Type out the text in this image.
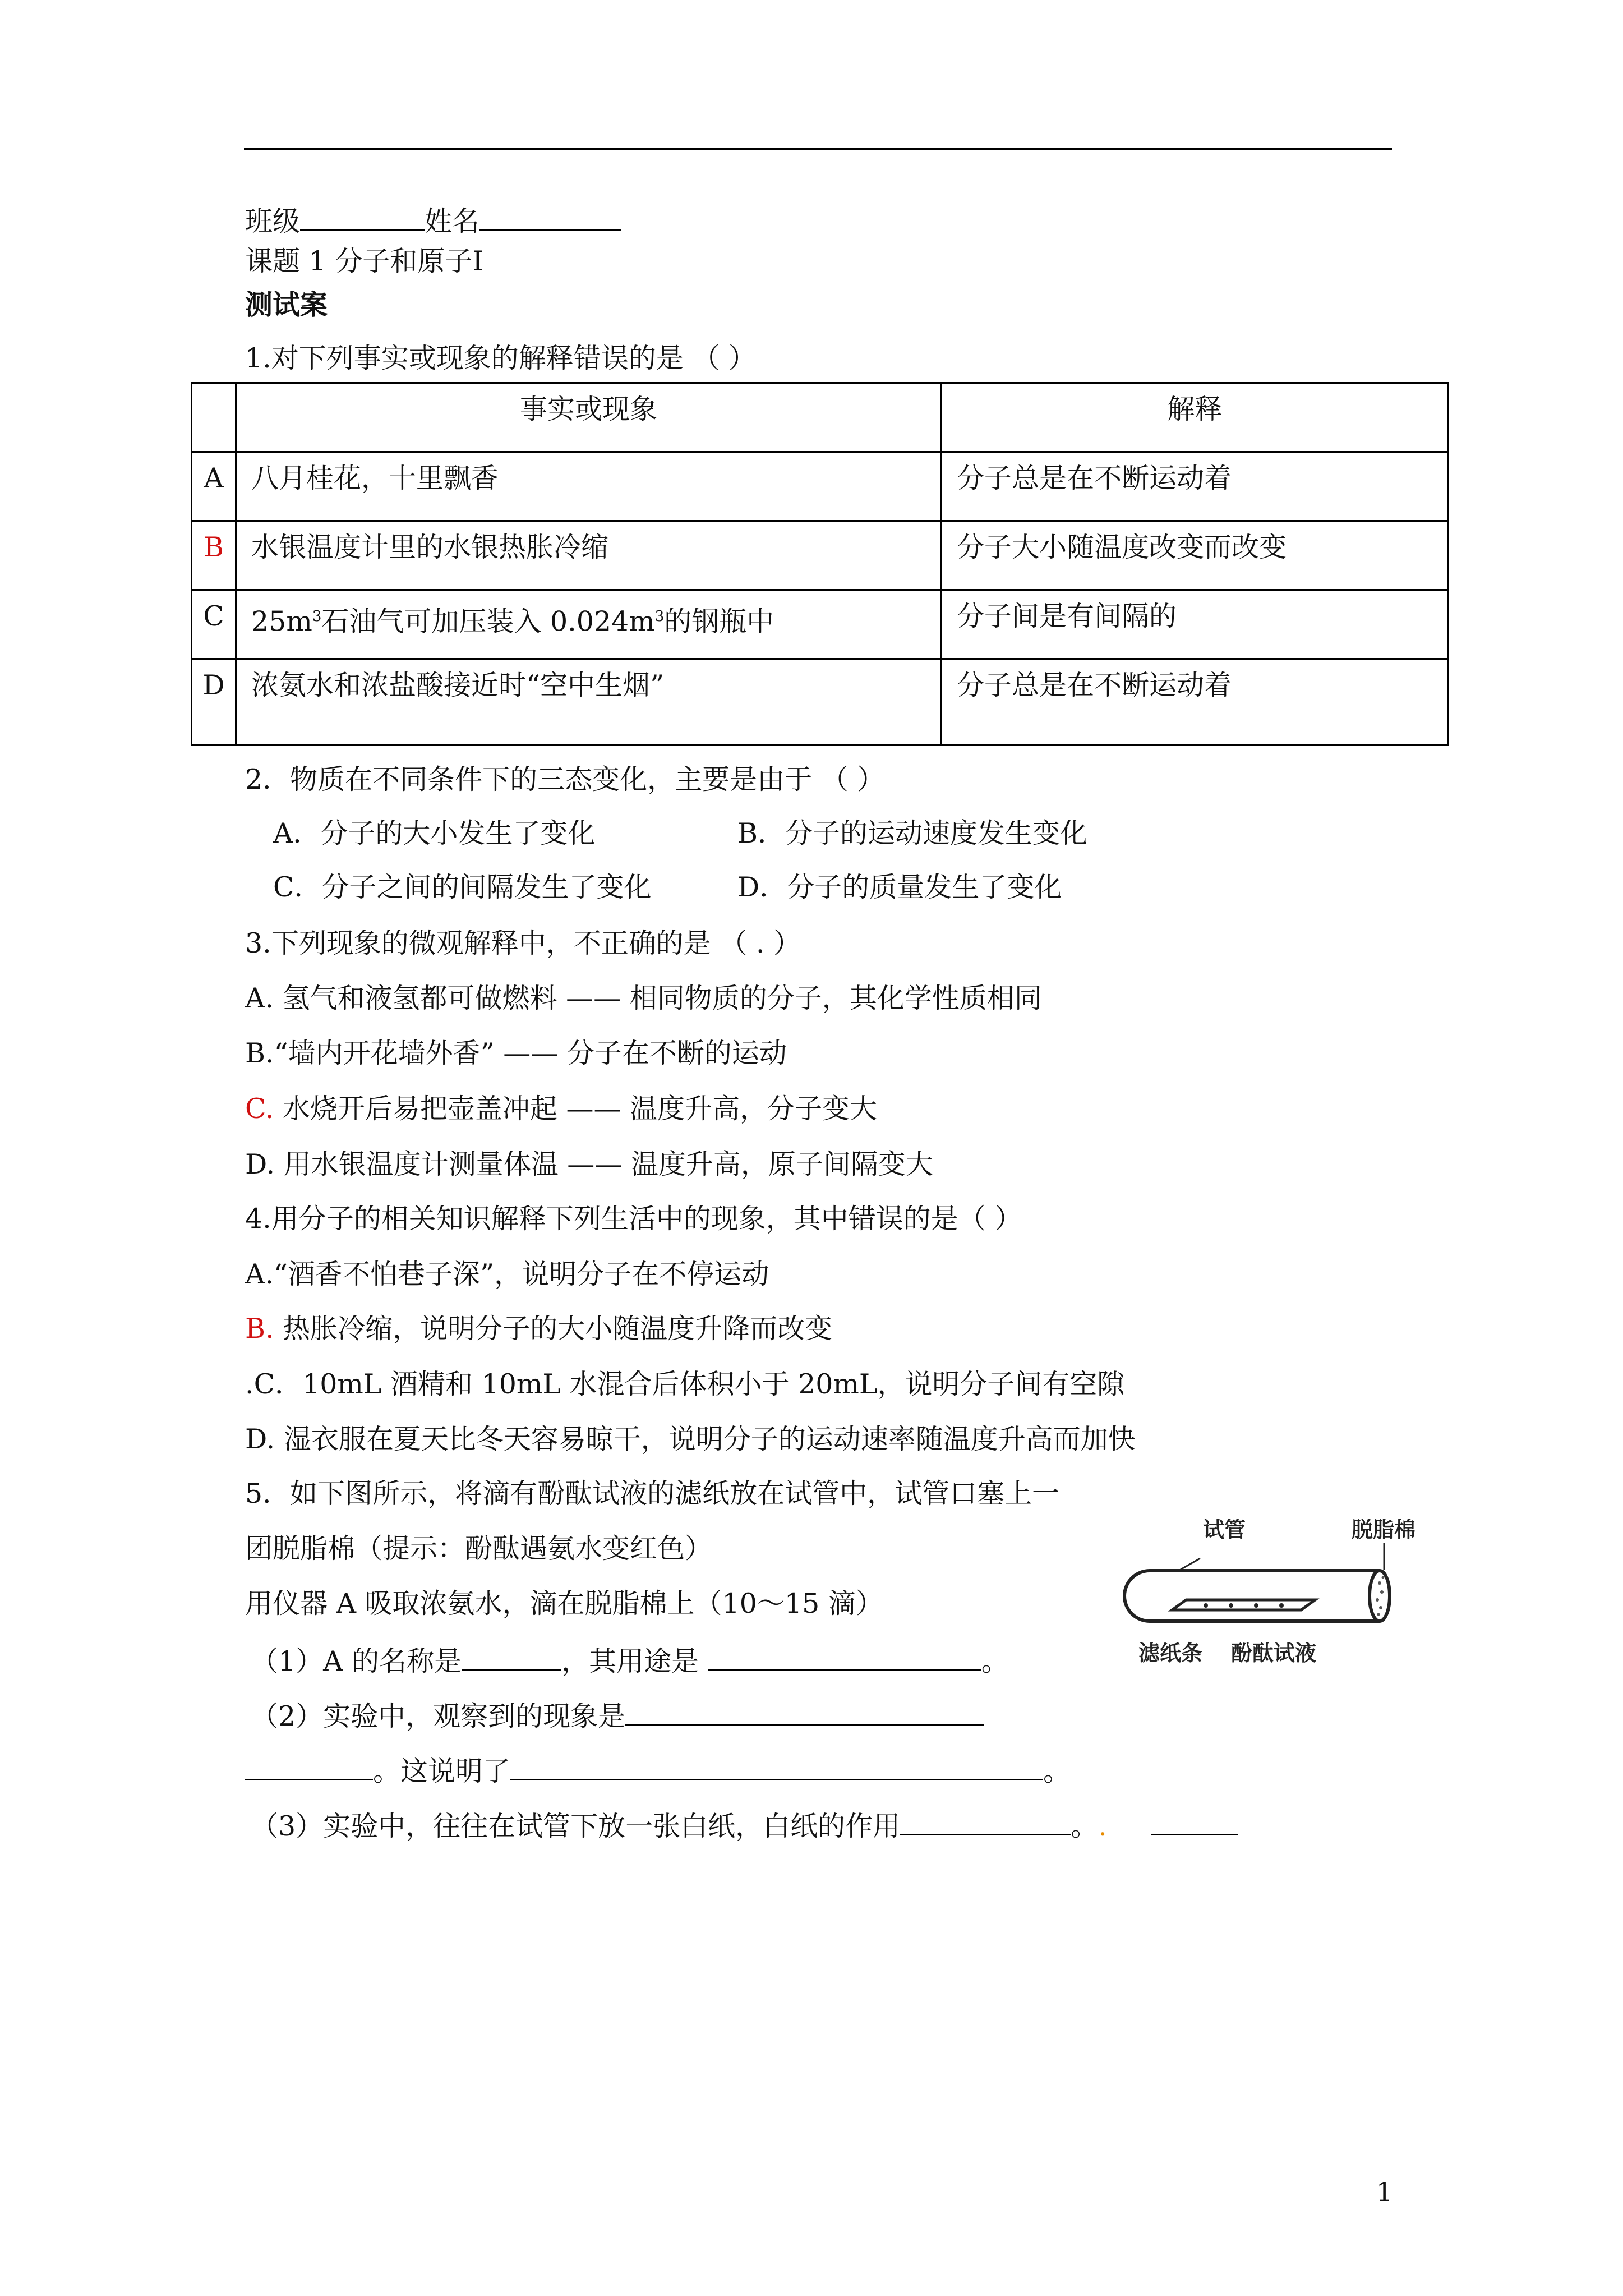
班级	姓名
课题 1 分子和原子Ⅰ
测试案
1.对下列事实或现象的解释错误的是 （ ）
	事实或现象	解释
A	八月桂花，十里飘香	分子总是在不断运动着
B	水银温度计里的水银热胀冷缩	分子大小随温度改变而改变
C	$25m^3$石油气可加压装入 $0.024m^3$的钢瓶中	分子间是有间隔的
D	浓氨水和浓盐酸接近时“空中生烟”	分子总是在不断运动着
2．物质在不同条件下的三态变化，主要是由于 （ ）
A．分子的大小发生了变化	B．分子的运动速度发生变化
C．分子之间的间隔发生了变化	D．分子的质量发生了变化
3.下列现象的微观解释中，不正确的是 （ . ）
A. 氢气和液氢都可做燃料 —— 相同物质的分子，其化学性质相同
B.“墙内开花墙外香” —— 分子在不断的运动
C. 水烧开后易把壶盖冲起 —— 温度升高，分子变大
D. 用水银温度计测量体温 —— 温度升高，原子间隔变大
4.用分子的相关知识解释下列生活中的现象，其中错误的是（ ）
A.“酒香不怕巷子深”，说明分子在不停运动
B. 热胀冷缩，说明分子的大小随温度升降而改变
.C．10mL 酒精和 10mL 水混合后体积小于 20mL，说明分子间有空隙
D. 湿衣服在夏天比冬天容易晾干，说明分子的运动速率随温度升高而加快
5．如下图所示，将滴有酚酞试液的滤纸放在试管中，试管口塞上一
团脱脂棉（提示：酚酞遇氨水变红色）
用仪器 A 吸取浓氨水，滴在脱脂棉上（10～15 滴）
（1）A 的名称是	，其用途是	。
（2）实验中，观察到的现象是
。这说明了	。
（3）实验中，往往在试管下放一张白纸，白纸的作用	。.
试管	脱脂棉
滤纸条 酚酞试液
1
